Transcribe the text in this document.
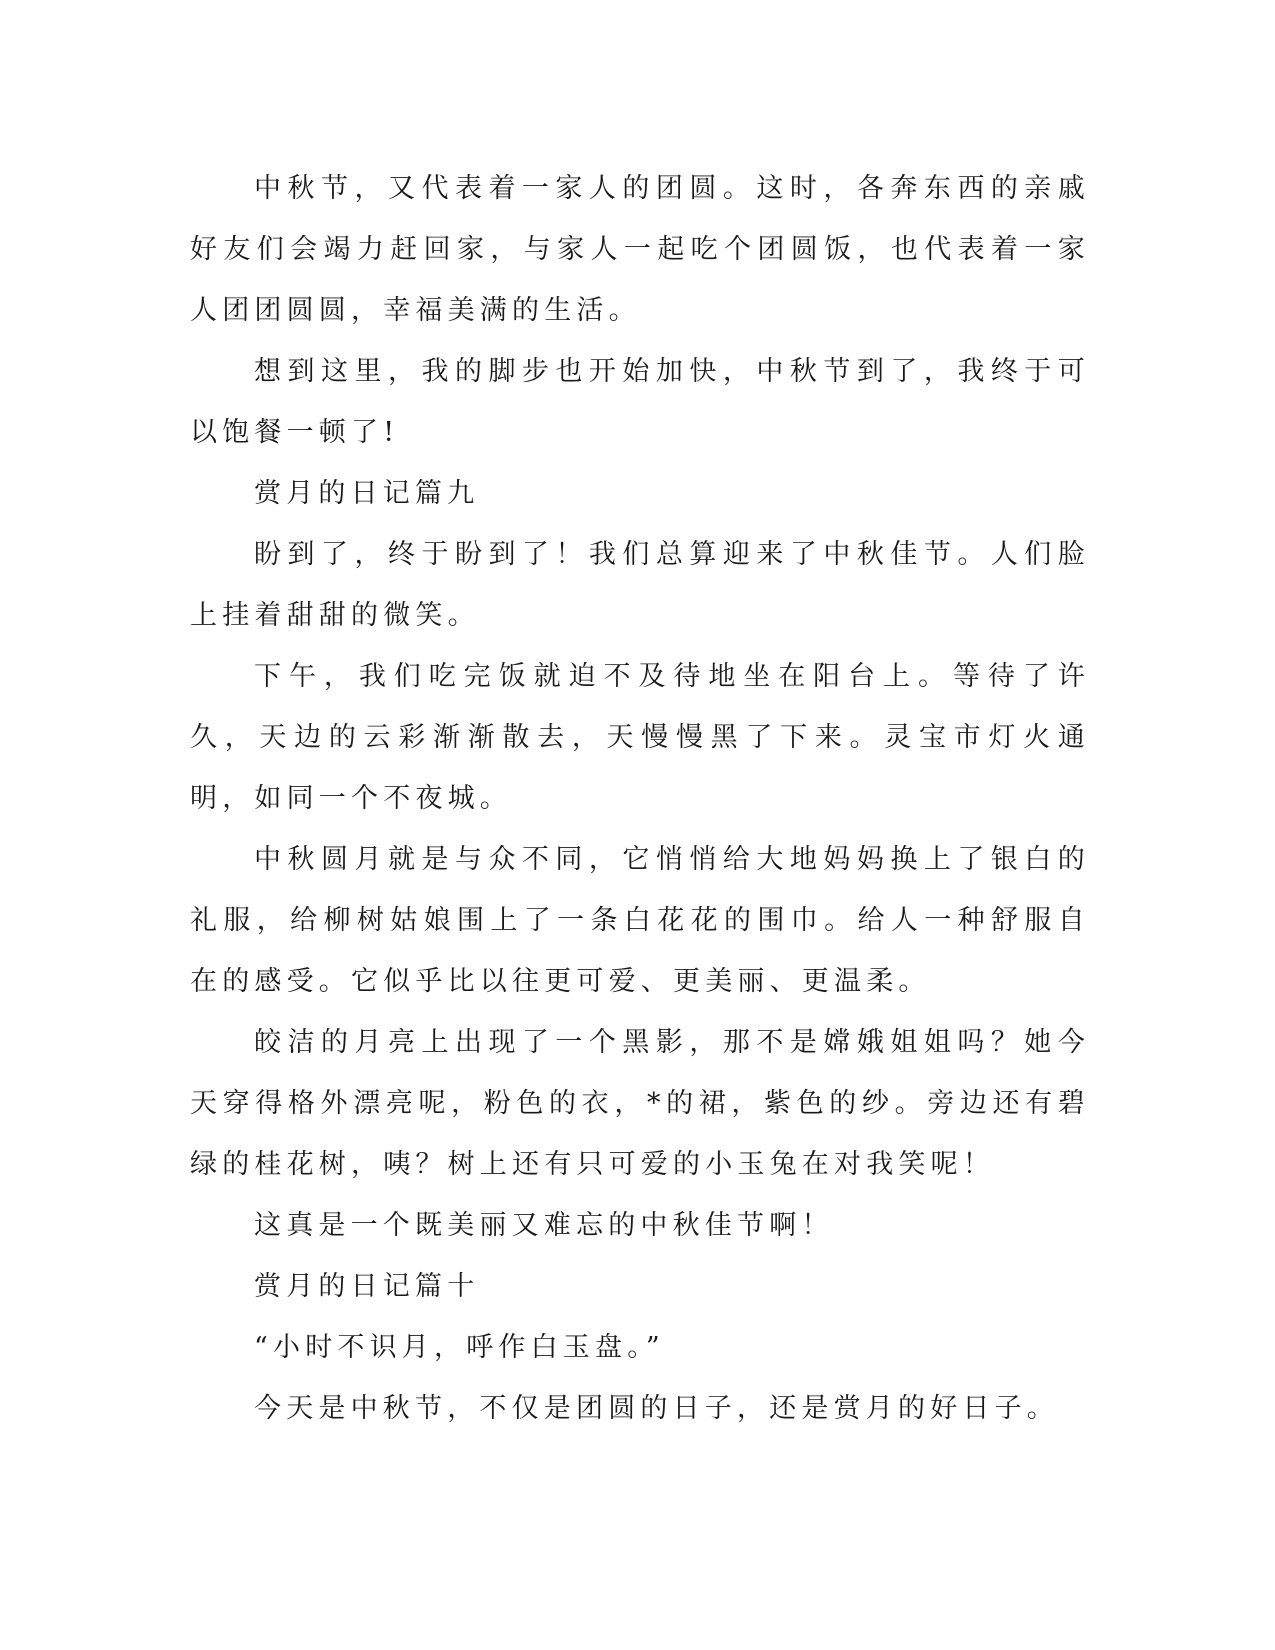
中秋节，又代表着一家人的团圆。这时，各奔东西的亲戚好友们会竭力赶回家，与家人一起吃个团圆饭，也代表着一家人团团圆圆，幸福美满的生活。

想到这里，我的脚步也开始加快，中秋节到了，我终于可以饱餐一顿了!

赏月的日记篇九

盼到了，终于盼到了！我们总算迎来了中秋佳节。人们脸上挂着甜甜的微笑。

下午，我们吃完饭就迫不及待地坐在阳台上。等待了许久，天边的云彩渐渐散去，天慢慢黑了下来。灵宝市灯火通明，如同一个不夜城。

中秋圆月就是与众不同，它悄悄给大地妈妈换上了银白的礼服，给柳树姑娘围上了一条白花花的围巾。给人一种舒服自在的感受。它似乎比以往更可爱、更美丽、更温柔。

皎洁的月亮上出现了一个黑影，那不是嫦娥姐姐吗？她今天穿得格外漂亮呢，粉色的衣，*的裙，紫色的纱。旁边还有碧绿的桂花树，咦？树上还有只可爱的小玉兔在对我笑呢！

这真是一个既美丽又难忘的中秋佳节啊！

赏月的日记篇十

“小时不识月，呼作白玉盘。”

今天是中秋节，不仅是团圆的日子，还是赏月的好日子。
